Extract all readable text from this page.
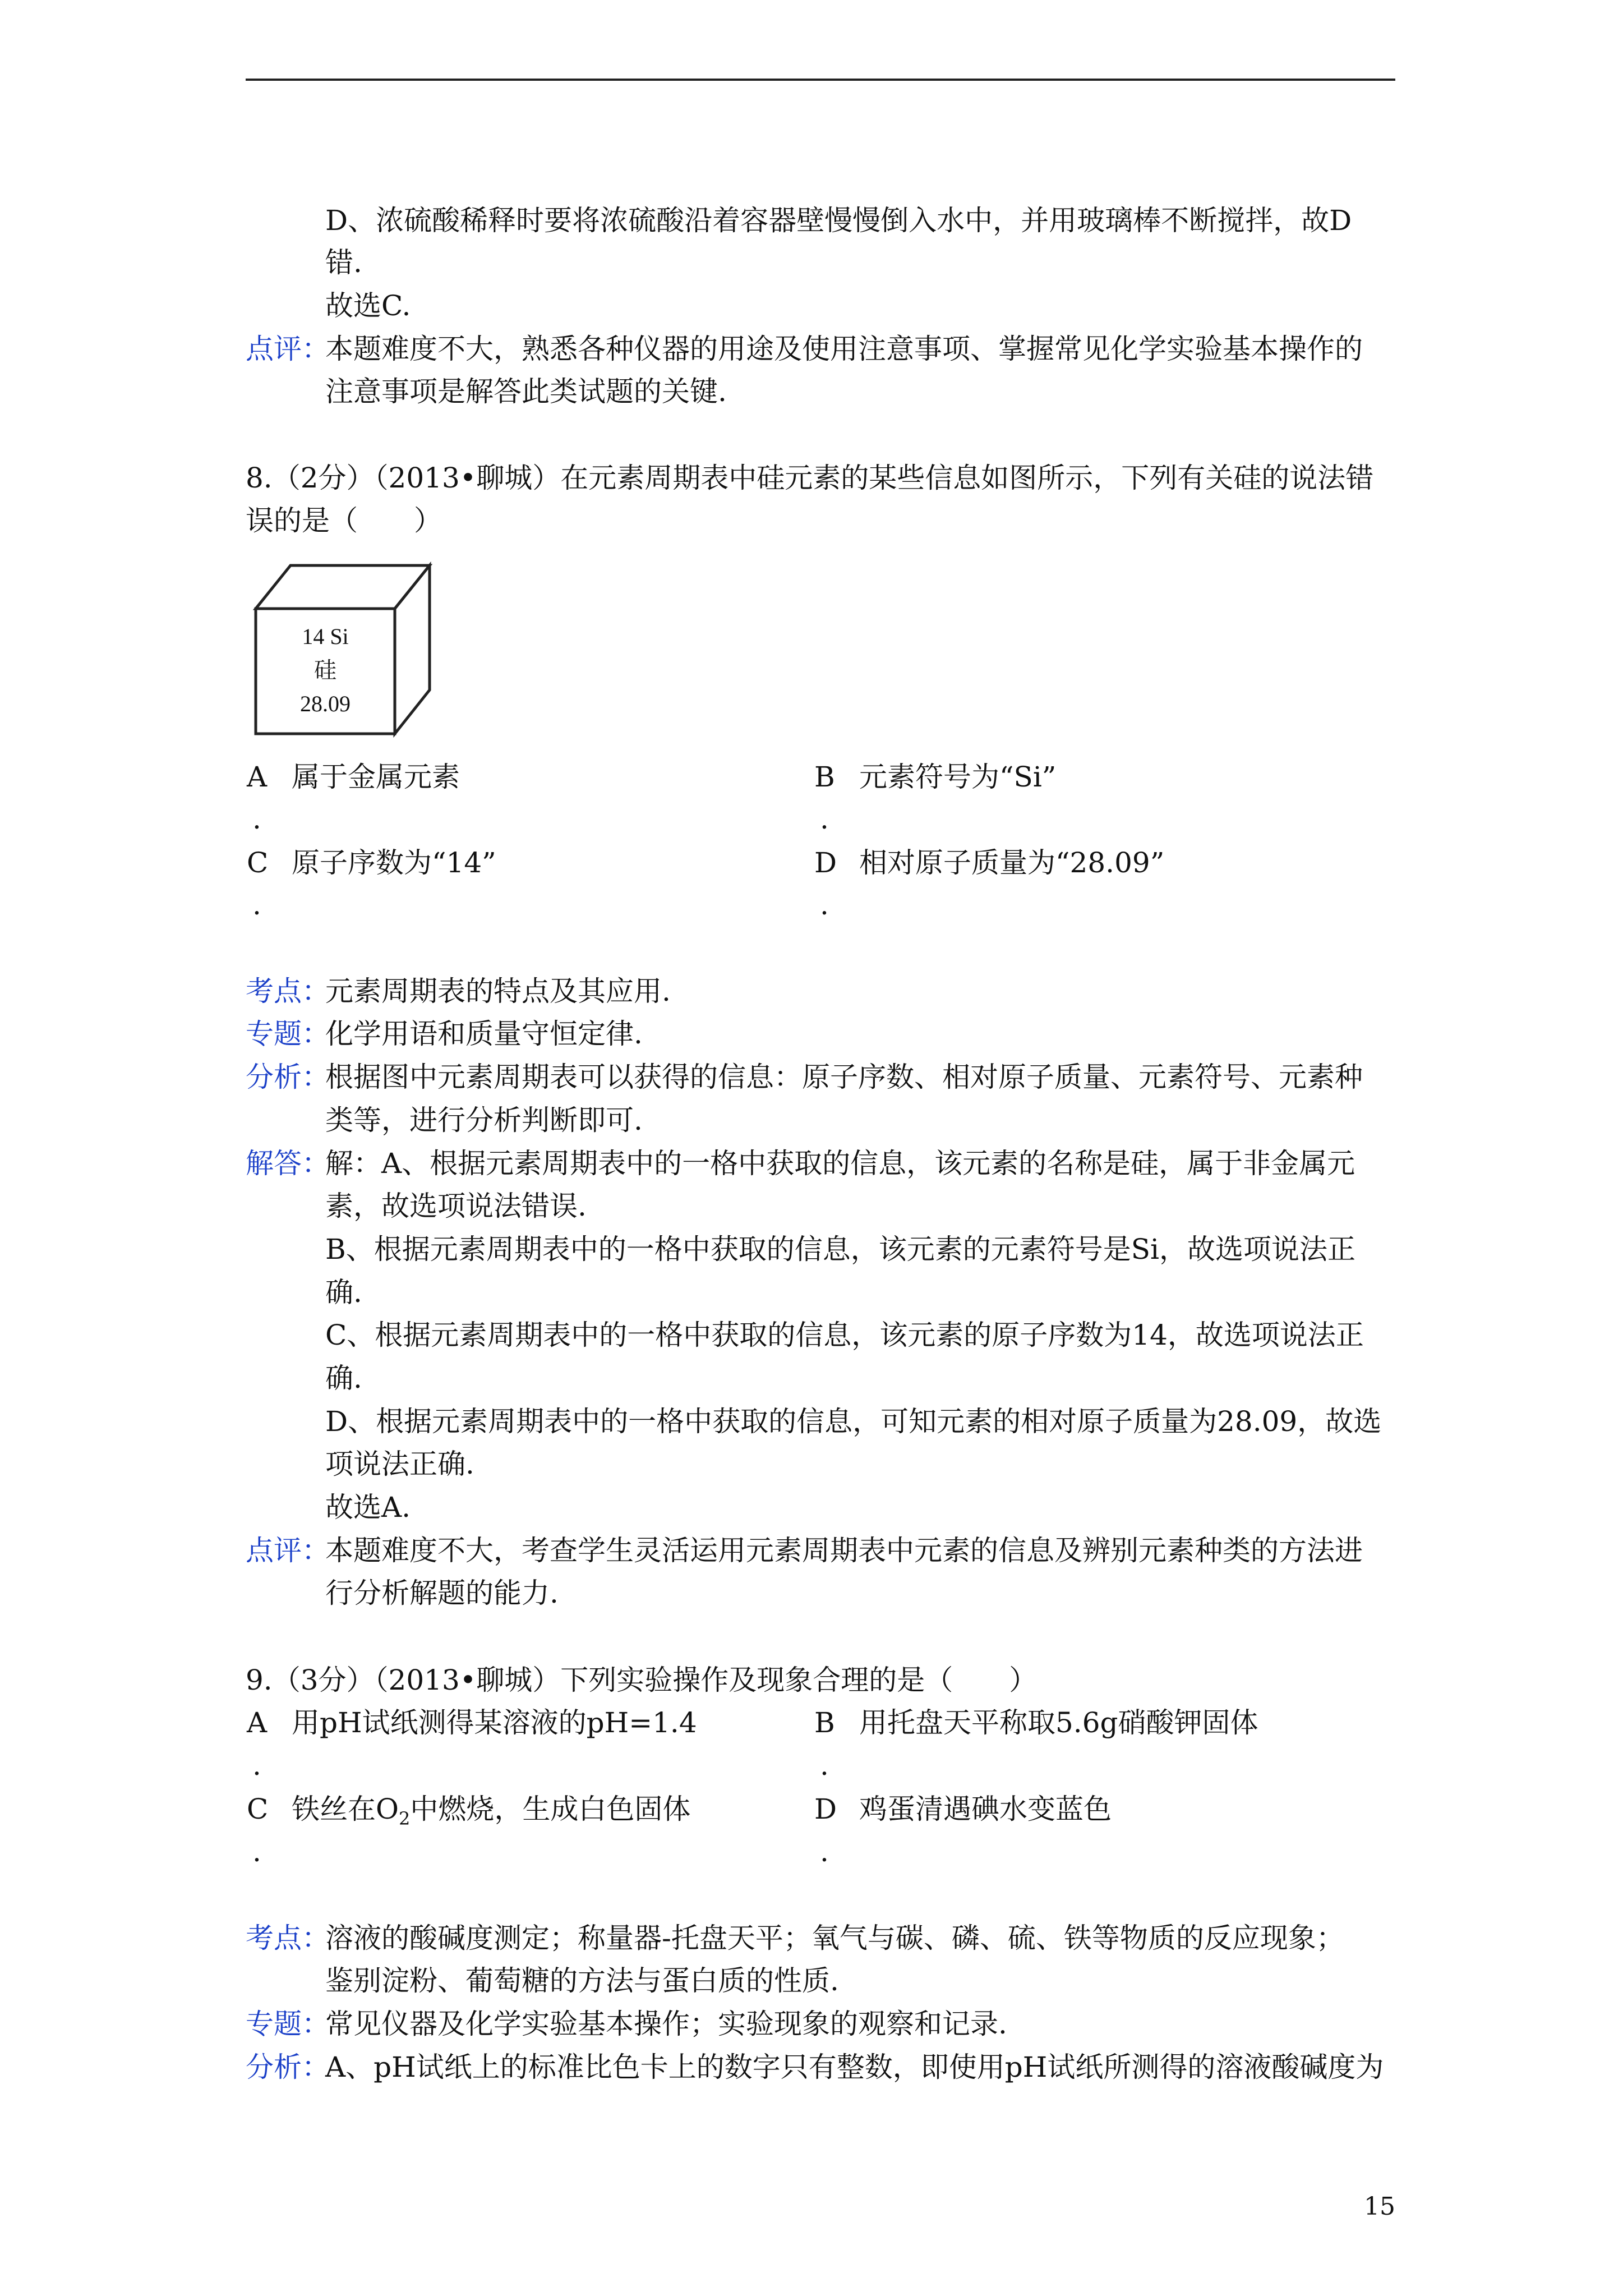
D、浓硫酸稀释时要将浓硫酸沿着容器壁慢慢倒入水中，并用玻璃棒不断搅拌，故D
错.
故选C.
点评：
本题难度不大，熟悉各种仪器的用途及使用注意事项、掌握常见化学实验基本操作的
注意事项是解答此类试题的关键.
8.（2分）（2013•聊城）在元素周期表中硅元素的某些信息如图所示，下列有关硅的说法错
误的是（　　）
14 Si
硅
28.09
A 属于金属元素
.
B 元素符号为“Si”
.
C 原子序数为“14”
.
D 相对原子质量为“28.09”
.
考点：
元素周期表的特点及其应用.
专题：
化学用语和质量守恒定律.
分析：
根据图中元素周期表可以获得的信息：原子序数、相对原子质量、元素符号、元素种
类等，进行分析判断即可.
解答：
解：A、根据元素周期表中的一格中获取的信息，该元素的名称是硅，属于非金属元
素，故选项说法错误.
B、根据元素周期表中的一格中获取的信息，该元素的元素符号是Si，故选项说法正
确.
C、根据元素周期表中的一格中获取的信息，该元素的原子序数为14，故选项说法正
确.
D、根据元素周期表中的一格中获取的信息，可知元素的相对原子质量为28.09，故选
项说法正确.
故选A.
点评：
本题难度不大，考查学生灵活运用元素周期表中元素的信息及辨别元素种类的方法进
行分析解题的能力.
9.（3分）（2013•聊城）下列实验操作及现象合理的是（　　）
A 用pH试纸测得某溶液的pH=1.4
.
B 用托盘天平称取5.6g硝酸钾固体
.
C 铁丝在$O_2$中燃烧，生成白色固体
.
D 鸡蛋清遇碘水变蓝色
.
考点：
溶液的酸碱度测定；称量器-托盘天平；氧气与碳、磷、硫、铁等物质的反应现象；
鉴别淀粉、葡萄糖的方法与蛋白质的性质.
专题：
常见仪器及化学实验基本操作；实验现象的观察和记录.
分析：
A、pH试纸上的标准比色卡上的数字只有整数，即使用pH试纸所测得的溶液酸碱度为
15
